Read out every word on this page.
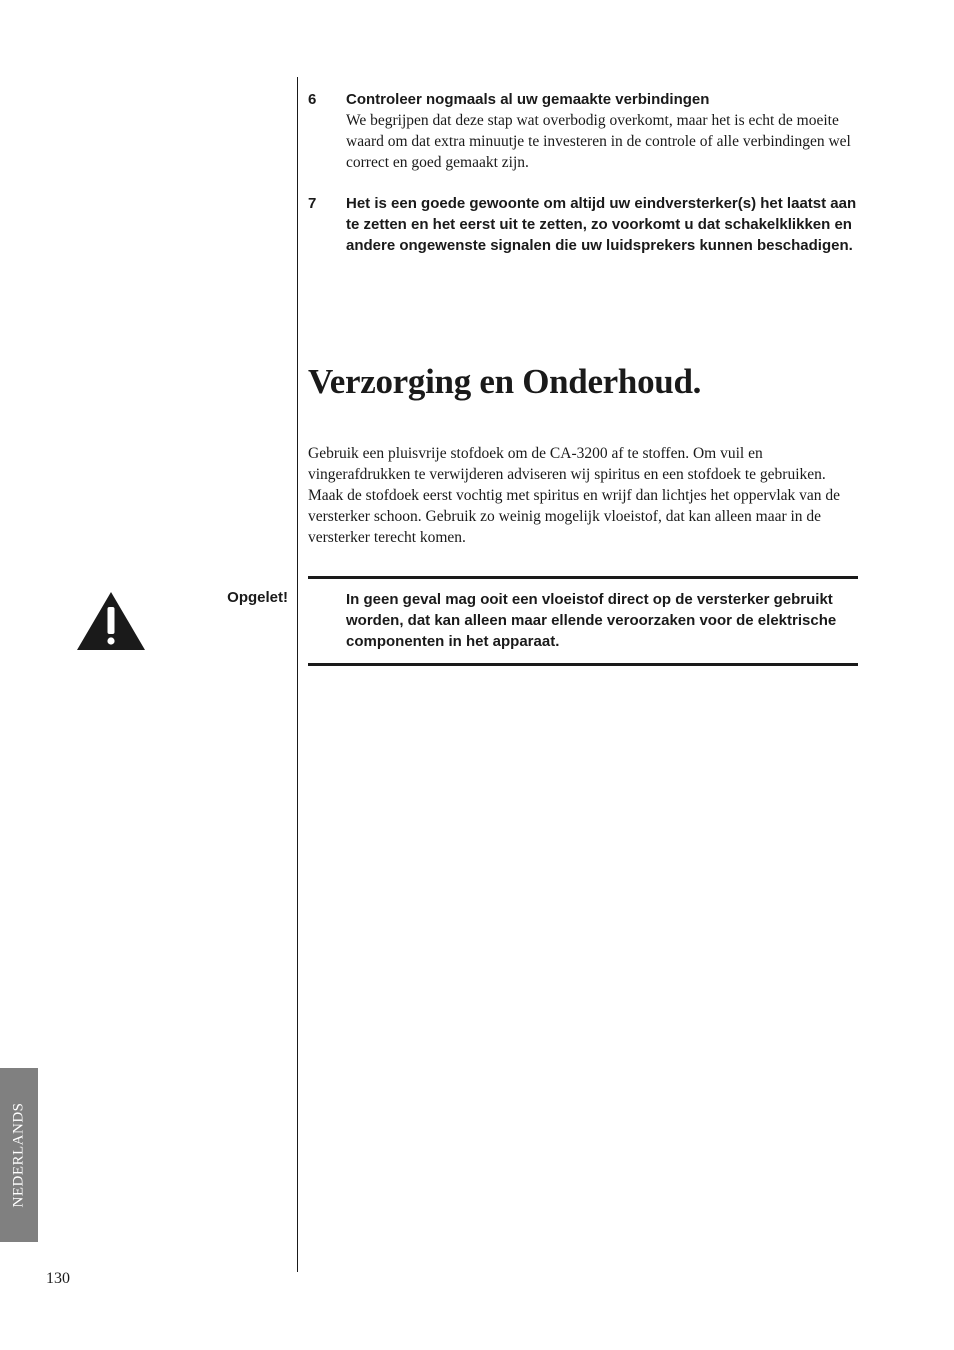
6 Controleer nogmaals al uw gemaakte verbindingen

We begrijpen dat deze stap wat overbodig overkomt, maar het is echt de moeite waard om dat extra minuutje te investeren in de controle of alle verbindingen wel correct en goed gemaakt zijn.

7 Het is een goede gewoonte om altijd uw eindversterker(s) het laatst aan te zetten en het eerst uit te zetten, zo voorkomt u dat schakelklikken en andere ongewenste signalen die uw luidsprekers kunnen beschadigen.

Verzorging en Onderhoud.

Gebruik een pluisvrije stofdoek om de CA-3200 af te stoffen. Om vuil en vingerafdrukken te verwijderen adviseren wij spiritus en een stofdoek te gebruiken. Maak de stofdoek eerst vochtig met spiritus en wrijf dan lichtjes het oppervlak van de versterker schoon. Gebruik zo weinig mogelijk vloeistof, dat kan alleen maar in de versterker terecht komen.

Opgelet!	In geen geval mag ooit een vloeistof direct op de versterker gebruikt worden, dat kan alleen maar ellende veroorzaken voor de elektrische componenten in het apparaat.

NEDERLANDS
130
